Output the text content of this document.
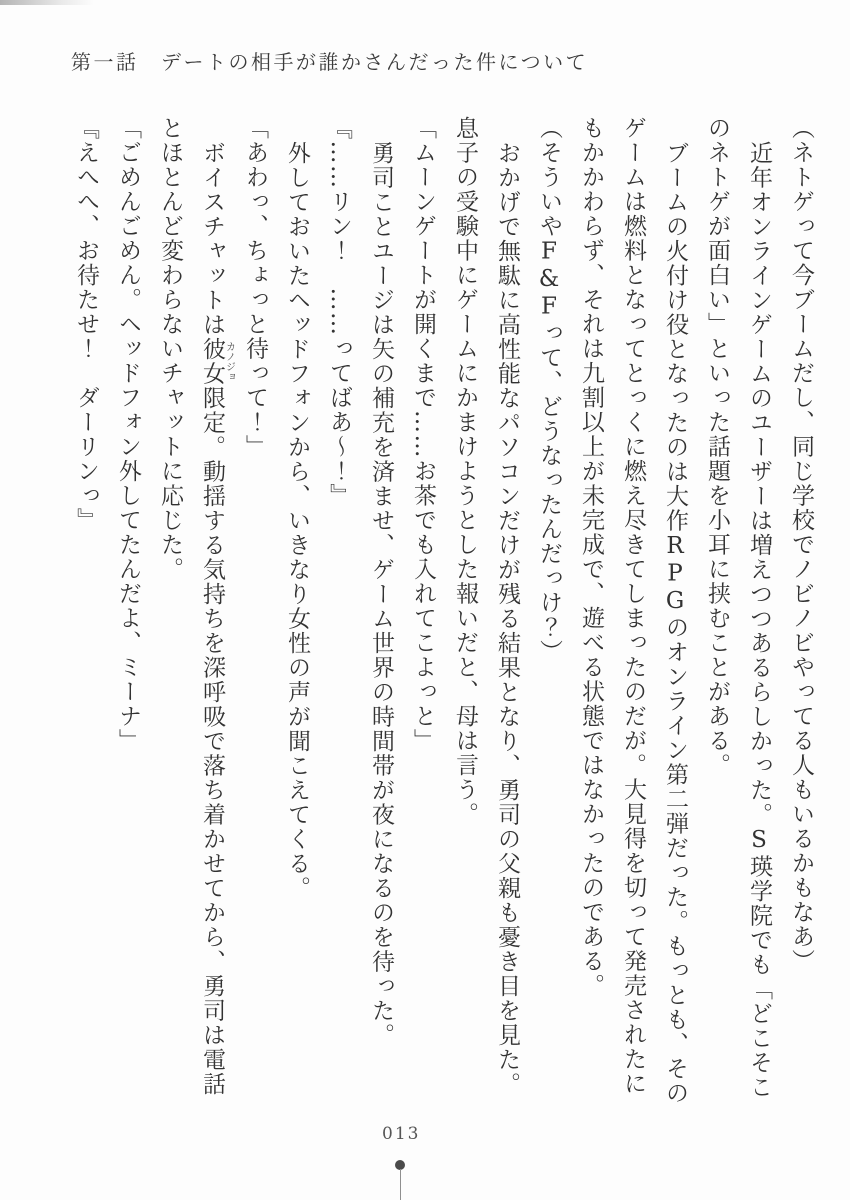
第一話　デートの相手が誰かさんだった件について

（ネトゲって今ブームだし、同じ学校でノビノビやってる人もいるかもなあ）

近年オンラインゲームのユーザーは増えつつあるらしかった。S瑛学院でも「どこそこ

のネトゲが面白い」といった話題を小耳に挟むことがある。

ブームの火付け役となったのは大作RPGのオンライン第二弾だった。もっとも、その

ゲームは燃料となってとっくに燃え尽きてしまったのだが。大見得を切って発売されたに

もかかわらず、それは九割以上が未完成で、遊べる状態ではなかったのである。

（そういやF&Fって、どうなったんだっけ？）

おかげで無駄に高性能なパソコンだけが残る結果となり、勇司の父親も憂き目を見た。

息子の受験中にゲームにかまけようとした報いだと、母は言う。

「ムーンゲートが開くまで……お茶でも入れてこよっと」

勇司ことユージは矢の補充を済ませ、ゲーム世界の時間帯が夜になるのを待った。

『……リン！　……ってばあ～！』

外しておいたヘッドフォンから、いきなり女性の声が聞こえてくる。

「あわっ、ちょっと待って！」

ボイスチャットは彼女カノジョ限定。動揺する気持ちを深呼吸で落ち着かせてから、勇司は電話

とほとんど変わらないチャットに応じた。

「ごめんごめん。ヘッドフォン外してたんだよ、ミーナ」

『えへへ、お待たせ！　ダーリンっ』

013
